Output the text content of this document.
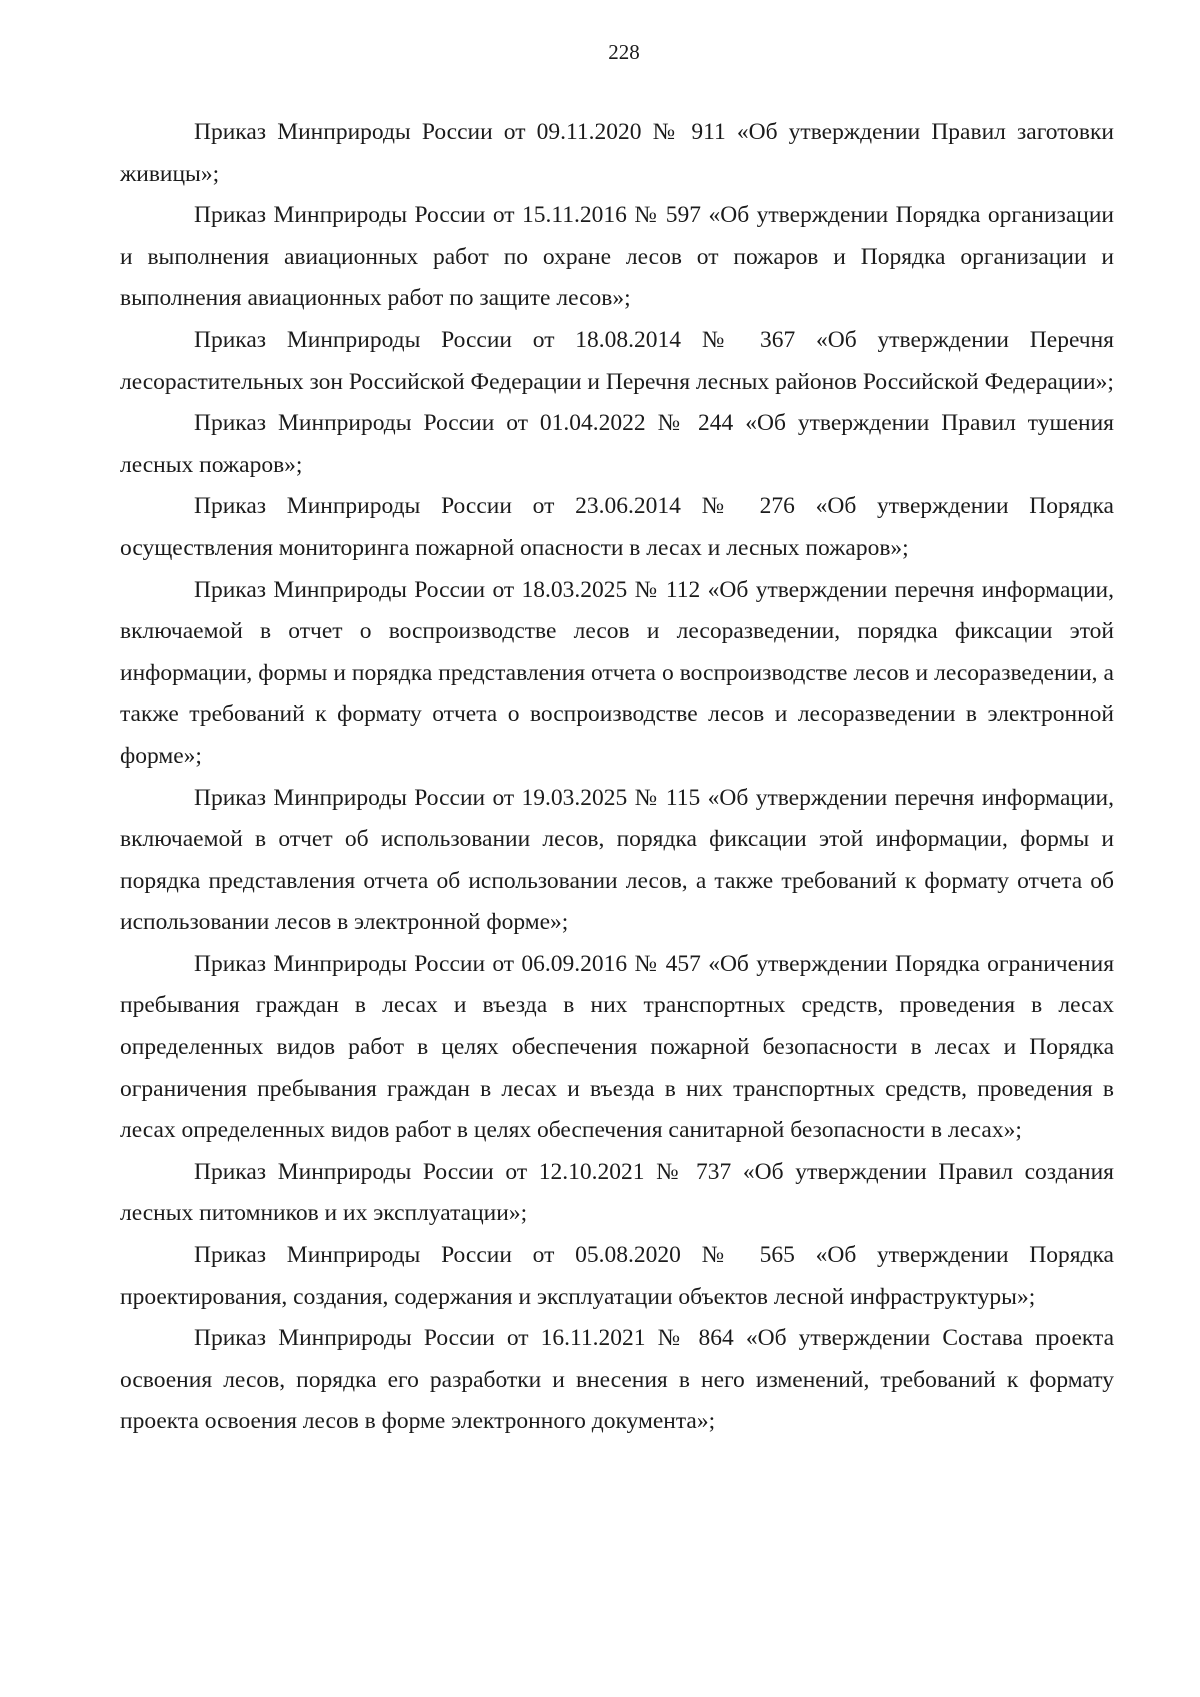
228

Приказ Минприроды России от 09.11.2020 № 911 «Об утверждении Правил заготовки живицы»;

Приказ Минприроды России от 15.11.2016 № 597 «Об утверждении Порядка организации и выполнения авиационных работ по охране лесов от пожаров и Порядка организации и выполнения авиационных работ по защите лесов»;

Приказ Минприроды России от 18.08.2014 № 367 «Об утверждении Перечня лесорастительных зон Российской Федерации и Перечня лесных районов Российской Федерации»;

Приказ Минприроды России от 01.04.2022 № 244 «Об утверждении Правил тушения лесных пожаров»;

Приказ Минприроды России от 23.06.2014 № 276 «Об утверждении Порядка осуществления мониторинга пожарной опасности в лесах и лесных пожаров»;

Приказ Минприроды России от 18.03.2025 № 112 «Об утверждении перечня информации, включаемой в отчет о воспроизводстве лесов и лесоразведении, порядка фиксации этой информации, формы и порядка представления отчета о воспроизводстве лесов и лесоразведении, а также требований к формату отчета о воспроизводстве лесов и лесоразведении в электронной форме»;

Приказ Минприроды России от 19.03.2025 № 115 «Об утверждении перечня информации, включаемой в отчет об использовании лесов, порядка фиксации этой информации, формы и порядка представления отчета об использовании лесов, а также требований к формату отчета об использовании лесов в электронной форме»;

Приказ Минприроды России от 06.09.2016 № 457 «Об утверждении Порядка ограничения пребывания граждан в лесах и въезда в них транспортных средств, проведения в лесах определенных видов работ в целях обеспечения пожарной безопасности в лесах и Порядка ограничения пребывания граждан в лесах и въезда в них транспортных средств, проведения в лесах определенных видов работ в целях обеспечения санитарной безопасности в лесах»;

Приказ Минприроды России от 12.10.2021 № 737 «Об утверждении Правил создания лесных питомников и их эксплуатации»;

Приказ Минприроды России от 05.08.2020 № 565 «Об утверждении Порядка проектирования, создания, содержания и эксплуатации объектов лесной инфраструктуры»;

Приказ Минприроды России от 16.11.2021 № 864 «Об утверждении Состава проекта освоения лесов, порядка его разработки и внесения в него изменений, требований к формату проекта освоения лесов в форме электронного документа»;
